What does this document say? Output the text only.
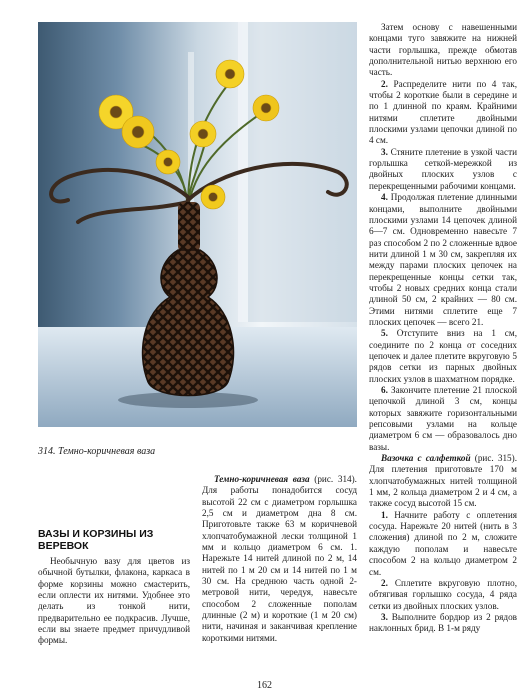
314. Темно-коричневая ваза
ВАЗЫ И КОРЗИНЫ ИЗ ВЕРЕВОК

Необычную вазу для цветов из обычной бутылки, флакона, каркаса в форме корзины можно смастерить, если оплести их нитями. Удобнее это делать из тонкой нити, предварительно ее подкрасив. Лучше, если вы знаете предмет причудливой формы.

Темно-коричневая ваза (рис. 314). Для работы понадобится сосуд высотой 22 см с диаметром горлышка 2,5 см и диаметром дна 8 см. Приготовьте также 63 м коричневой хлопчатобумажной лески толщиной 1 мм и кольцо диаметром 6 см. 1. Нарежьте 14 нитей длиной по 2 м, 14 нитей по 1 м 20 см и 14 нитей по 1 м 30 см. На среднюю часть одной 2-метровой нити, чередуя, навесьте способом 2 сложенные пополам длинные (2 м) и короткие (1 м 20 см) нити, начиная и заканчивая крепление короткими нитями.

Затем основу с навешенными концами туго завяжите на нижней части горлышка, прежде обмотав дополнительной нитью верхнюю его часть.

2. Распределите нити по 4 так, чтобы 2 короткие были в середине и по 1 длинной по краям. Крайними нитями сплетите двойными плоскими узлами цепочки длиной по 4 см.

3. Стяните плетение в узкой части горлышка сеткой-мережкой из двойных плоских узлов с перекрещенными рабочими концами.

4. Продолжая плетение длинными концами, выполните двойными плоскими узлами 14 цепочек длиной 6—7 см. Одновременно навесьте 7 раз способом 2 по 2 сложенные вдвое нити длиной 1 м 30 см, закрепляя их между парами плоских цепочек на перекрещенные концы сетки так, чтобы 2 новых средних конца стали длиной 50 см, 2 крайних — 80 см. Этими нитями сплетите еще 7 плоских цепочек — всего 21.

5. Отступите вниз на 1 см, соедините по 2 конца от соседних цепочек и далее плетите вкруговую 5 рядов сетки из парных двойных плоских узлов в шахматном порядке.

6. Закончите плетение 21 плоской цепочкой длиной 3 см, концы которых завяжите горизонтальными репсовыми узлами на кольце диаметром 6 см — образовалось дно вазы.

Вазочка с салфеткой (рис. 315). Для плетения приготовьте 170 м хлопчатобумажных нитей толщиной 1 мм, 2 кольца диаметром 2 и 4 см, а также сосуд высотой 15 см.

1. Начните работу с оплетения сосуда. Нарежьте 20 нитей (нить в 3 сложения) длиной по 2 м, сложите каждую пополам и навесьте способом 2 на кольцо диаметром 2 см.

2. Сплетите вкруговую плотно, обтягивая горлышко сосуда, 4 ряда сетки из двойных плоских узлов.

3. Выполните бордюр из 2 рядов наклонных брид. В 1-м ряду

162
